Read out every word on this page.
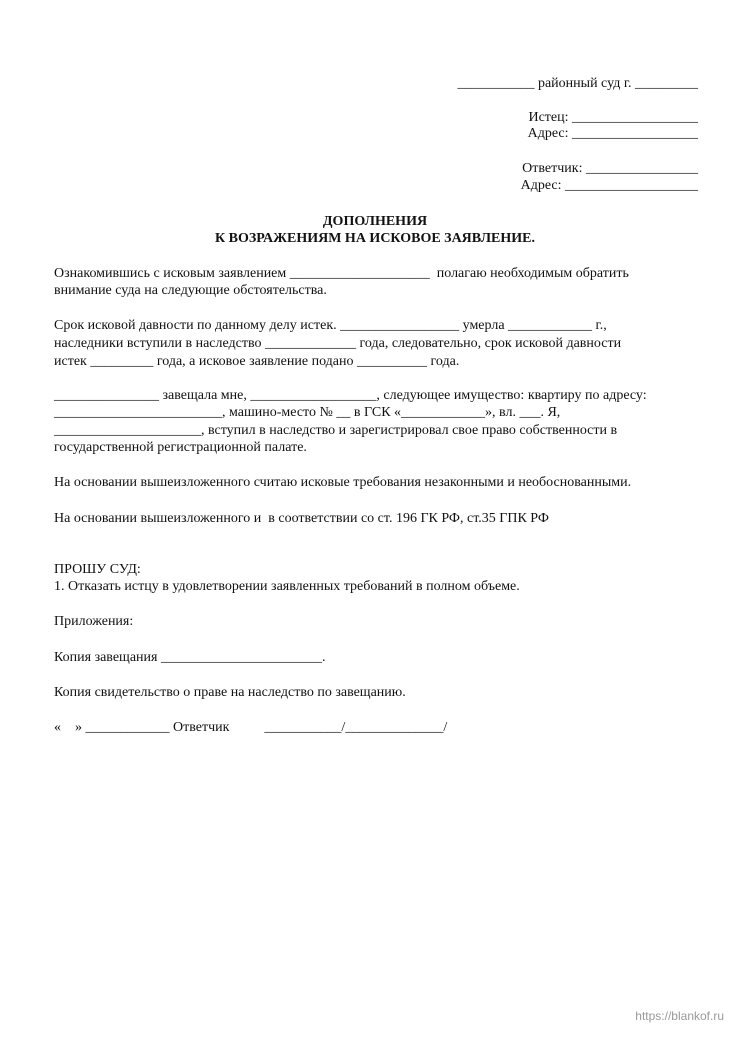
___________ районный суд г. _________
Истец: __________________
Адрес: __________________
Ответчик: ________________
Адрес: ___________________
ДОПОЛНЕНИЯ
К ВОЗРАЖЕНИЯМ НА ИСКОВОЕ ЗАЯВЛЕНИЕ.
Ознакомившись с исковым заявлением ____________________  полагаю необходимым обратить
внимание суда на следующие обстоятельства.
Срок исковой давности по данному делу истек. _________________ умерла ____________ г.,
наследники вступили в наследство _____________ года, следовательно, срок исковой давности
истек _________ года, а исковое заявление подано __________ года.
_______________ завещала мне, __________________, следующее имущество: квартиру по адресу:
________________________, машино-место № __ в ГСК «____________», вл. ___. Я,
_____________________, вступил в наследство и зарегистрировал свое право собственности в
государственной регистрационной палате.
На основании вышеизложенного считаю исковые требования незаконными и необоснованными.
На основании вышеизложенного и  в соответствии со ст. 196 ГК РФ, ст.35 ГПК РФ
ПРОШУ СУД:
1. Отказать истцу в удовлетворении заявленных требований в полном объеме.
Приложения:
Копия завещания _______________________.
Копия свидетельство о праве на наследство по завещанию.
«    » ____________ Ответчик          ___________/______________/
https://blankof.ru
